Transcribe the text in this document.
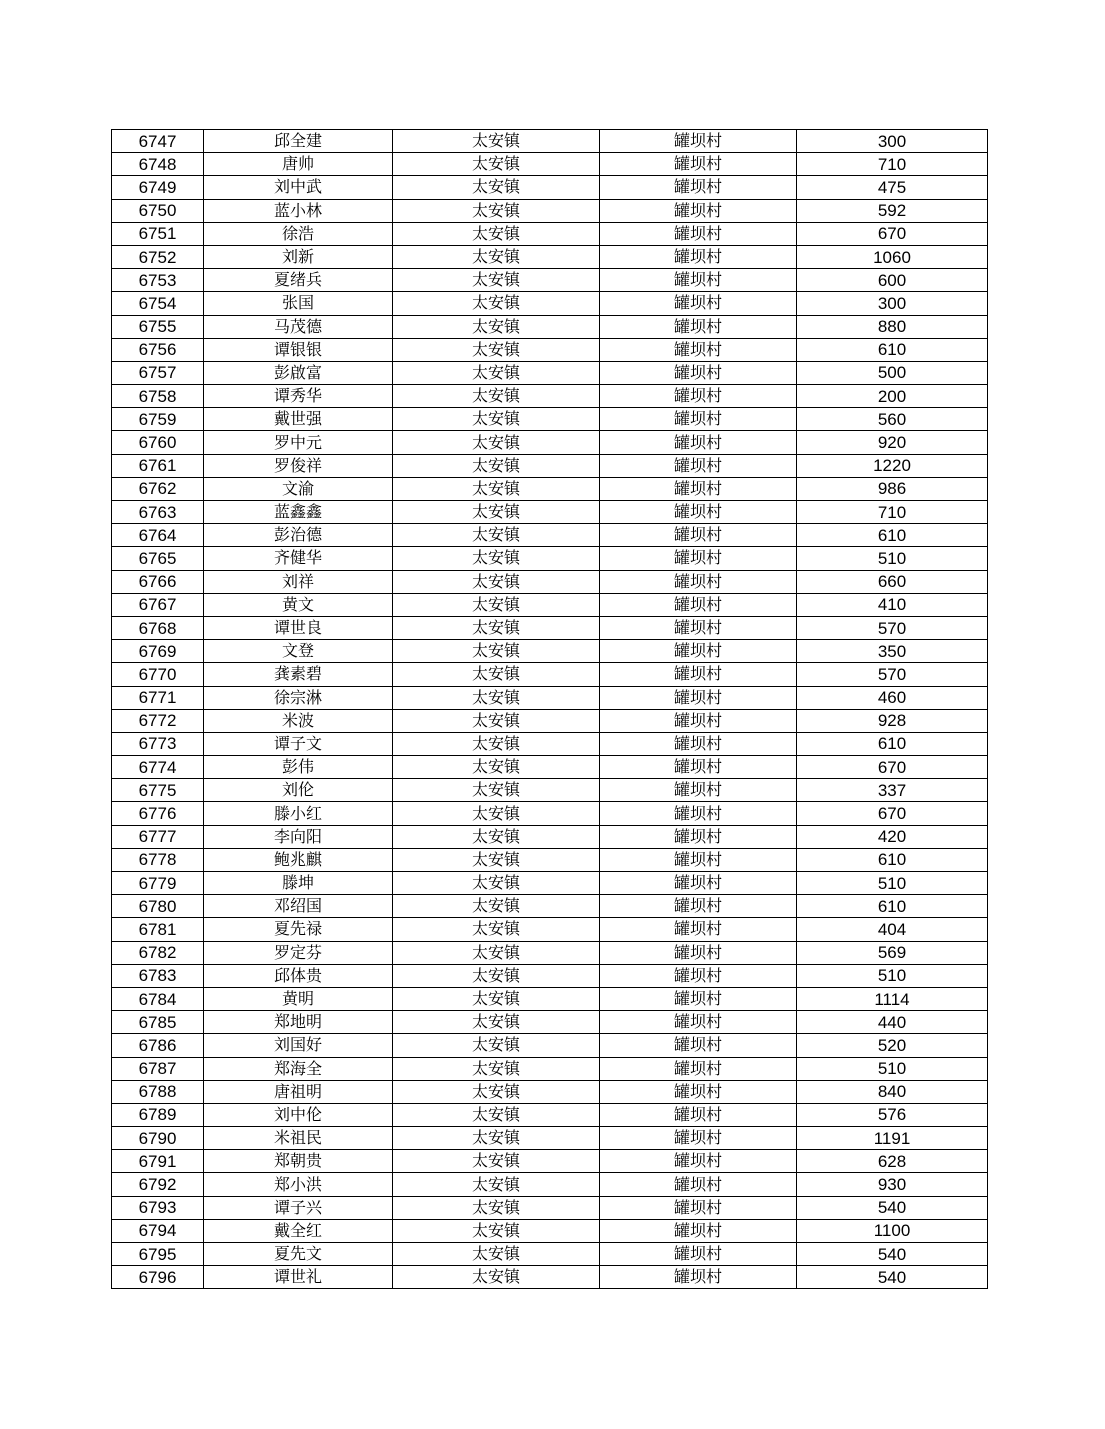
6747	邱全建	太安镇	罐坝村	300
6748	唐帅	太安镇	罐坝村	710
6749	刘中武	太安镇	罐坝村	475
6750	蓝小林	太安镇	罐坝村	592
6751	徐浩	太安镇	罐坝村	670
6752	刘新	太安镇	罐坝村	1060
6753	夏绪兵	太安镇	罐坝村	600
6754	张国	太安镇	罐坝村	300
6755	马茂德	太安镇	罐坝村	880
6756	谭银银	太安镇	罐坝村	610
6757	彭啟富	太安镇	罐坝村	500
6758	谭秀华	太安镇	罐坝村	200
6759	戴世强	太安镇	罐坝村	560
6760	罗中元	太安镇	罐坝村	920
6761	罗俊祥	太安镇	罐坝村	1220
6762	文渝	太安镇	罐坝村	986
6763	蓝鑫鑫	太安镇	罐坝村	710
6764	彭治德	太安镇	罐坝村	610
6765	齐健华	太安镇	罐坝村	510
6766	刘祥	太安镇	罐坝村	660
6767	黄文	太安镇	罐坝村	410
6768	谭世良	太安镇	罐坝村	570
6769	文登	太安镇	罐坝村	350
6770	龚素碧	太安镇	罐坝村	570
6771	徐宗淋	太安镇	罐坝村	460
6772	米波	太安镇	罐坝村	928
6773	谭子文	太安镇	罐坝村	610
6774	彭伟	太安镇	罐坝村	670
6775	刘伦	太安镇	罐坝村	337
6776	滕小红	太安镇	罐坝村	670
6777	李向阳	太安镇	罐坝村	420
6778	鲍兆麒	太安镇	罐坝村	610
6779	滕坤	太安镇	罐坝村	510
6780	邓绍国	太安镇	罐坝村	610
6781	夏先禄	太安镇	罐坝村	404
6782	罗定芬	太安镇	罐坝村	569
6783	邱体贵	太安镇	罐坝村	510
6784	黄明	太安镇	罐坝村	1114
6785	郑地明	太安镇	罐坝村	440
6786	刘国好	太安镇	罐坝村	520
6787	郑海全	太安镇	罐坝村	510
6788	唐祖明	太安镇	罐坝村	840
6789	刘中伦	太安镇	罐坝村	576
6790	米祖民	太安镇	罐坝村	1191
6791	郑朝贵	太安镇	罐坝村	628
6792	郑小洪	太安镇	罐坝村	930
6793	谭子兴	太安镇	罐坝村	540
6794	戴全红	太安镇	罐坝村	1100
6795	夏先文	太安镇	罐坝村	540
6796	谭世礼	太安镇	罐坝村	540
